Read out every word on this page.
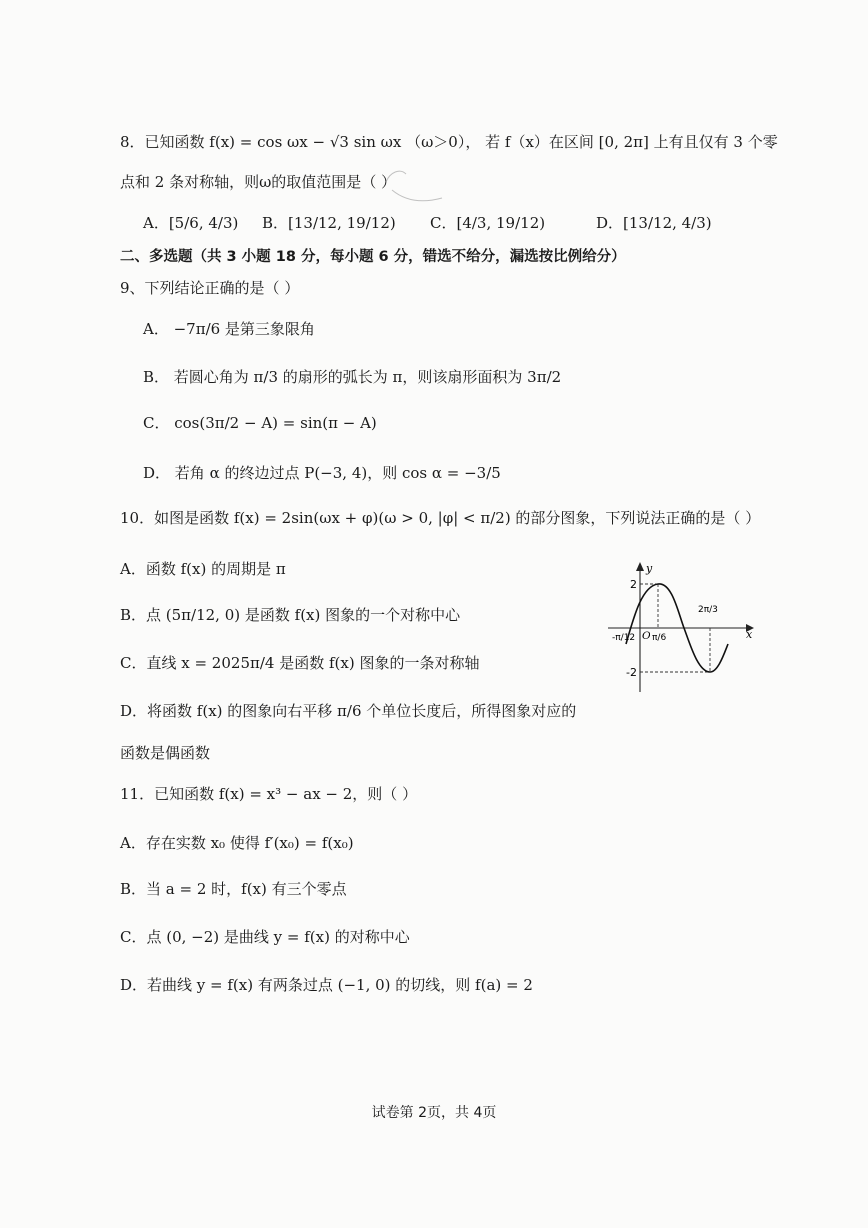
8．已知函数 f(x) = cos ωx − √3 sin ωx （ω＞0）， 若 f（x）在区间 [0, 2π] 上有且仅有 3 个零
点和 2 条对称轴，则ω的取值范围是（ ）
A．[5/6, 4/3) B．[13/12, 19/12) C．[4/3, 19/12)	D．[13/12, 4/3)
二、多选题（共 3 小题 18 分，每小题 6 分，错选不给分，漏选按比例给分）
9、下列结论正确的是（ ）
A． −7π/6 是第三象限角
B． 若圆心角为 π/3 的扇形的弧长为 π，则该扇形面积为 3π/2
C． cos(3π/2 − A) = sin(π − A)
D． 若角 α 的终边过点 P(−3, 4)，则 cos α = −3/5
10．如图是函数 f(x) = 2sin(ωx + φ)(ω > 0, |φ| < π/2) 的部分图象，下列说法正确的是（ ）
A．函数 f(x) 的周期是 π
B．点 (5π/12, 0) 是函数 f(x) 图象的一个对称中心
C．直线 x = 2025π/4 是函数 f(x) 图象的一条对称轴
D．将函数 f(x) 的图象向右平移 π/6 个单位长度后，所得图象对应的
函数是偶函数
y
x
2
-2
O
-π/12 π/6
2π/3
11．已知函数 f(x) = x³ − ax − 2，则（ ）
A．存在实数 x₀ 使得 f′(x₀) = f(x₀)
B．当 a = 2 时，f(x) 有三个零点
C．点 (0, −2) 是曲线 y = f(x) 的对称中心
D．若曲线 y = f(x) 有两条过点 (−1, 0) 的切线，则 f(a) = 2
试卷第 2页，共 4页
